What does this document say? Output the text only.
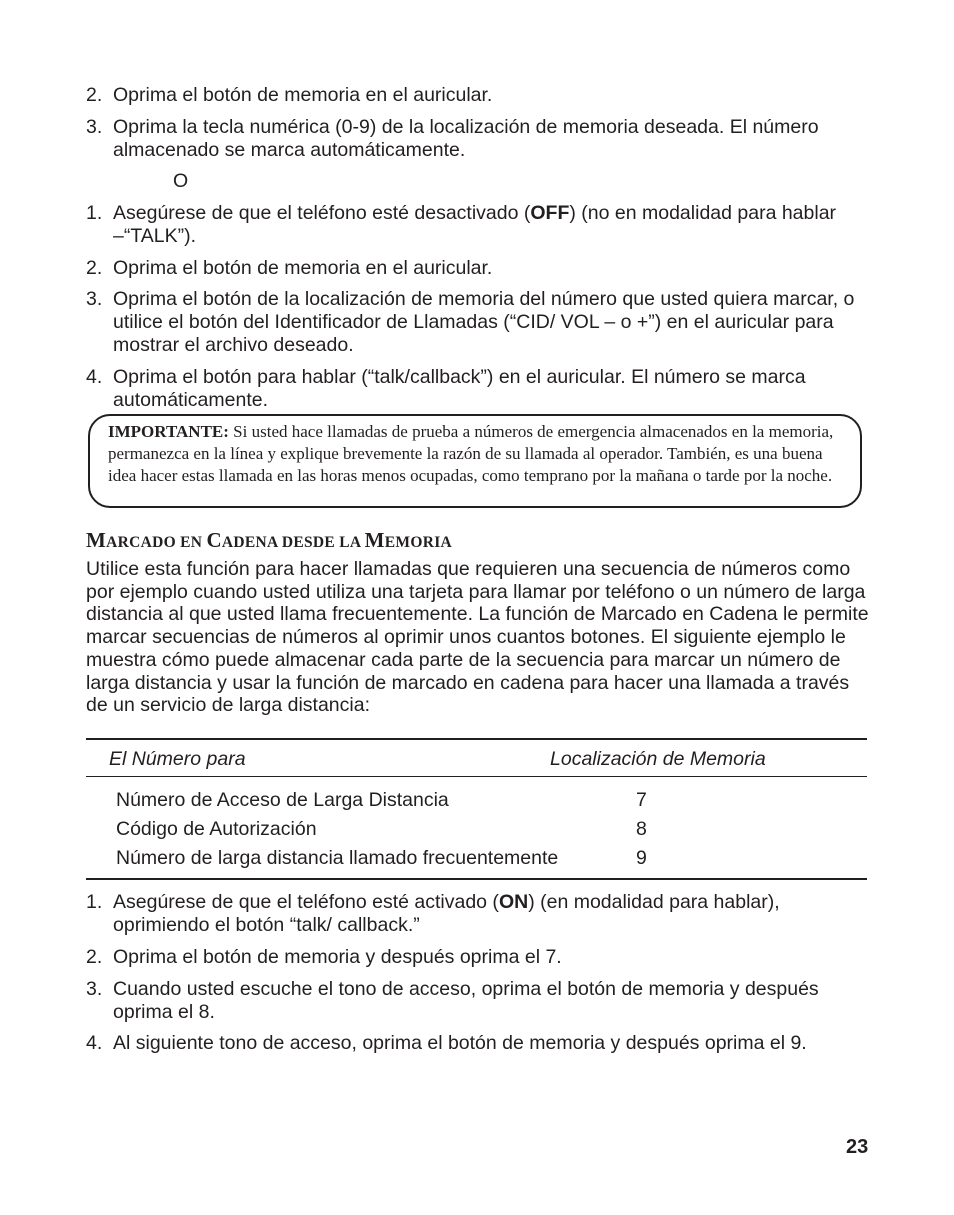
2. Oprima el botón de memoria en el auricular.
3. Oprima la tecla numérica (0-9) de la localización de memoria deseada. El número almacenado se marca automáticamente.
O
1. Asegúrese de que el teléfono esté desactivado (OFF) (no en modalidad para hablar –“TALK”).
2. Oprima el botón de memoria en el auricular.
3. Oprima el botón de la localización de memoria del número que usted quiera marcar, o utilice el botón del Identificador de Llamadas (“CID/ VOL – o +”) en el auricular para mostrar el archivo deseado.
4. Oprima el botón para hablar (“talk/callback”) en el auricular. El número se marca automáticamente.
IMPORTANTE: Si usted hace llamadas de prueba a números de emergencia almacenados en la memoria, permanezca en la línea y explique brevemente la razón de su llamada al operador. También, es una buena idea hacer estas llamada en las horas menos ocupadas, como temprano por la mañana o tarde por la noche.
MARCADO EN CADENA DESDE LA MEMORIA
Utilice esta función para hacer llamadas que requieren una secuencia de números como por ejemplo cuando usted utiliza una tarjeta para llamar por teléfono o un número de larga distancia al que usted llama frecuentemente. La función de Marcado en Cadena le permite marcar secuencias de números al oprimir unos cuantos botones. El siguiente ejemplo le muestra cómo puede almacenar cada parte de la secuencia para marcar un número de larga distancia y usar la función de marcado en cadena para hacer una llamada a través de un servicio de larga distancia:
El Número para	Localización de Memoria
Número de Acceso de Larga Distancia	7
Código de Autorización	8
Número de larga distancia llamado frecuentemente	9
1. Asegúrese de que el teléfono esté activado (ON) (en modalidad para hablar), oprimiendo el botón “talk/ callback.”
2. Oprima el botón de memoria y después oprima el 7.
3. Cuando usted escuche el tono de acceso, oprima el botón de memoria y después oprima el 8.
4. Al siguiente tono de acceso, oprima el botón de memoria y después oprima el 9.
23
